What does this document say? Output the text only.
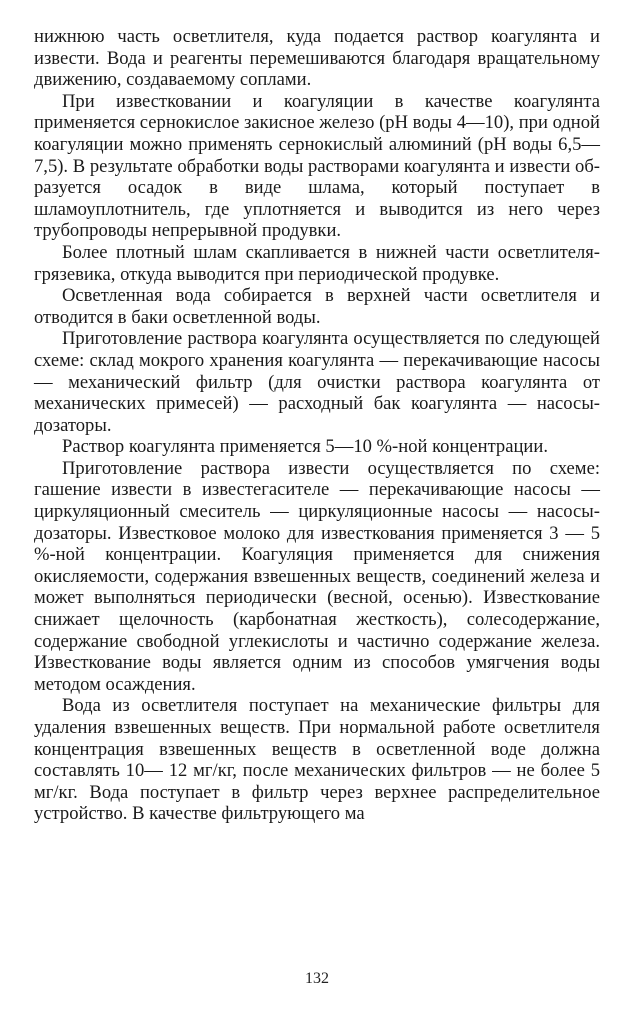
нижнюю часть осветлителя, куда подается раствор коагулянта и извести. Вода и реагенты перемешиваются благодаря вращательному движению, создаваемому соплами.

При известковании и коагуляции в качестве коагулянта применяется сернокислое закисное железо (pH воды 4—10), при одной коагуляции можно применять сернокислый алюминий (pH воды 6,5—7,5). В результате обработки воды растворами коагулянта и извести образуется осадок в виде шлама, который поступает в шламоуплотнитель, где уплотняется и выводится из него через трубопроводы непрерывной продувки.

Более плотный шлам скапливается в нижней части осветлителя-грязевика, откуда выводится при периодической продувке.

Осветленная вода собирается в верхней части осветлителя и отводится в баки осветленной воды.

Приготовление раствора коагулянта осуществляется по следующей схеме: склад мокрого хранения коагулянта — перекачивающие насосы — механический фильтр (для очистки раствора коагулянта от механических примесей) — расходный бак коагулянта — насосы-дозаторы.

Раствор коагулянта применяется 5—10 %-ной концентрации.

Приготовление раствора извести осуществляется по схеме: гашение извести в известегасителе — перекачивающие насосы — циркуляционный смеситель — циркуляционные насосы — насосы-дозаторы. Известковое молоко для известкования применяется 3 — 5 %-ной концентрации. Коагуляция применяется для снижения окисляемости, содержания взвешенных веществ, соединений железа и может выполняться периодически (весной, осенью). Известкование снижает щелочность (карбонатная жесткость), солесодержание, содержание свободной углекислоты и частично содержание железа. Известкование воды является одним из способов умягчения воды методом осаждения.

Вода из осветлителя поступает на механические фильтры для удаления взвешенных веществ. При нормальной работе осветлителя концентрация взвешенных веществ в осветленной воде должна составлять 10— 12 мг/кг, после механических фильтров — не более 5 мг/кг. Вода поступает в фильтр через верхнее распределительное устройство. В качестве фильтрующего ма

132
